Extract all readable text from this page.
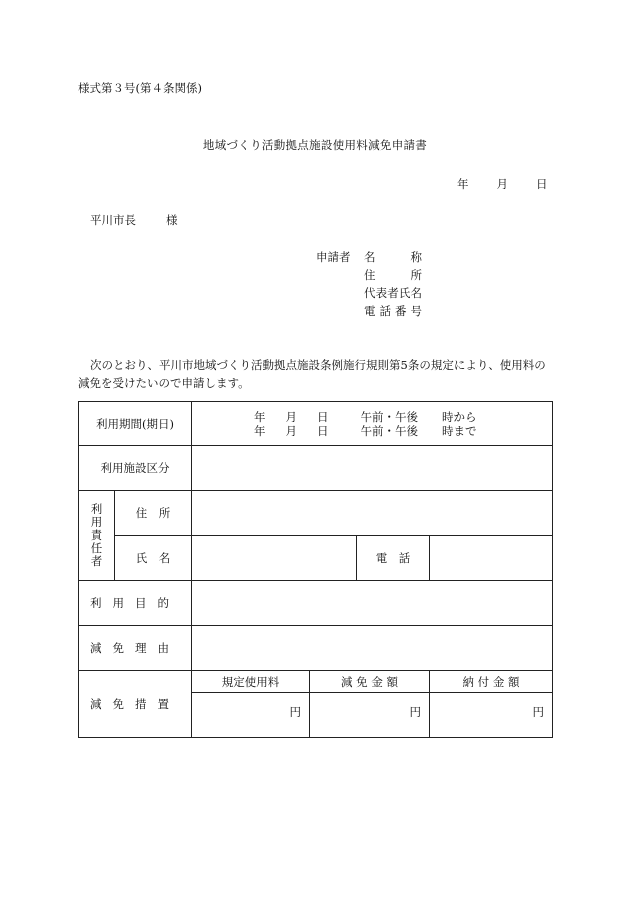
様式第３号(第４条関係)
地域づくり活動拠点施設使用料減免申請書
年 月 日
平川市長	様
申請者 名　称
住　所
代表者氏名
電話番号
次のとおり、平川市地域づくり活動拠点施設条例施行規則第5条の規定により、使用料の減免を受けたいので申請します。
利用期間(期日)		年 月 日 午前・午後 時から
年 月 日 午前・午後 時まで			

利用施設区分					

利
用
責
任
者	住　所				
	氏　名			電　話	
利用目的					
減免理由					
減免措置		規定使用料	減 免 金 額		納 付 金 額
		円	円		円
